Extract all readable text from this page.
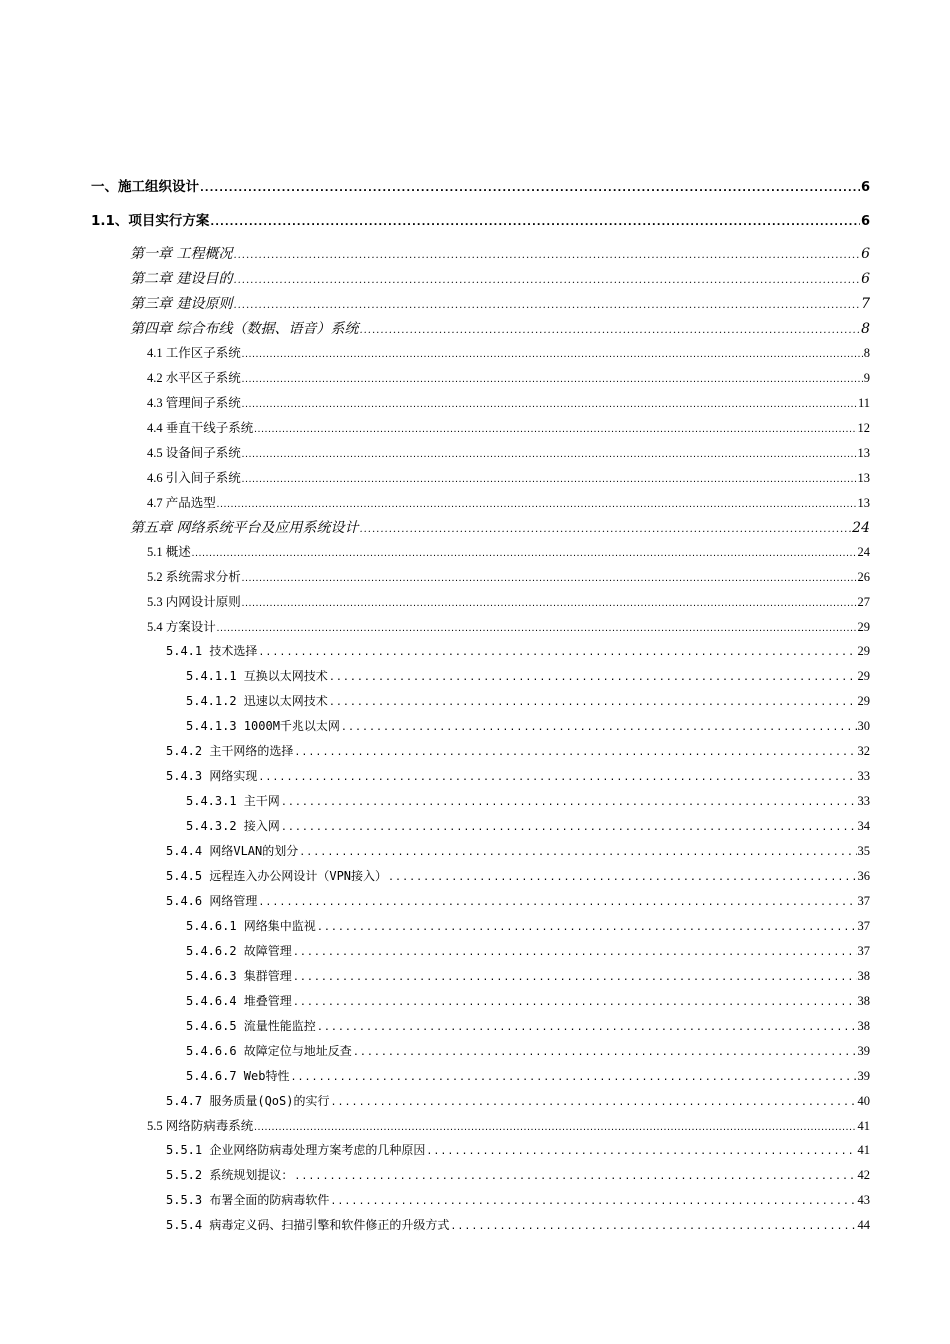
一、施工组织设计 .....	6
1.1、项目实行方案 .....	6
第一章 工程概况 .....	6
第二章 建设目的 .....	6
第三章 建设原则 .....	7
第四章 综合布线（数据、语音）系统 .....	8
4.1 工作区子系统 .....	8
4.2 水平区子系统 .....	9
4.3 管理间子系统 .....	11
4.4 垂直干线子系统 .....	12
4.5 设备间子系统 .....	13
4.6 引入间子系统 .....	13
4.7 产品选型 .....	13
第五章 网络系统平台及应用系统设计 .....	24
5.1 概述 .....	24
5.2 系统需求分析 .....	26
5.3 内网设计原则 .....	27
5.4 方案设计 .....	29
5.4.1 技术选择 .....	29
5.4.1.1 互换以太网技术 .....	29
5.4.1.2 迅速以太网技术 .....	29
5.4.1.3 1000M千兆以太网 .....	30
5.4.2 主干网络的选择 .....	32
5.4.3 网络实现 .....	33
5.4.3.1 主干网 .....	33
5.4.3.2 接入网 .....	34
5.4.4 网络VLAN的划分 .....	35
5.4.5 远程连入办公网设计（VPN接入） .....	36
5.4.6 网络管理 .....	37
5.4.6.1 网络集中监视 .....	37
5.4.6.2 故障管理 .....	37
5.4.6.3 集群管理 .....	38
5.4.6.4 堆叠管理 .....	38
5.4.6.5 流量性能监控 .....	38
5.4.6.6 故障定位与地址反查 .....	39
5.4.6.7 Web特性 .....	39
5.4.7 服务质量(QoS)的实行 .....	40
5.5 网络防病毒系统 .....	41
5.5.1 企业网络防病毒处理方案考虑的几种原因 .....	41
5.5.2 系统规划提议： .....	42
5.5.3 布署全面的防病毒软件 .....	43
5.5.4 病毒定义码、扫描引擎和软件修正的升级方式 .....	44
